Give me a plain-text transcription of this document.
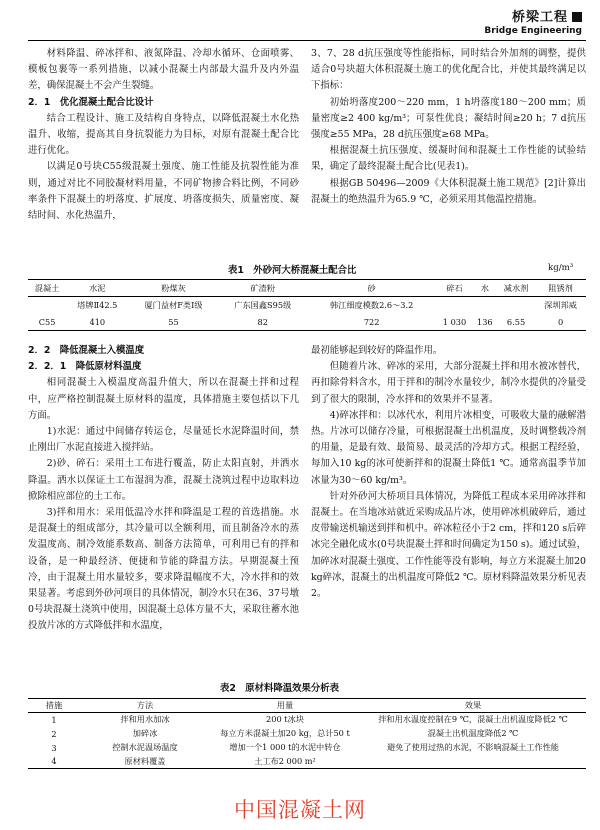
桥梁工程
Bridge Engineering

材料降温、碎冰拌和、液氮降温、冷却水循环、仓面喷雾、模板包裹等一系列措施，以减小混凝土内部最大温升及内外温差，确保混凝土不会产生裂缝。

2．1　优化混凝土配合比设计

结合工程设计、施工及结构自身特点，以降低混凝土水化热温升、收缩，提高其自身抗裂能力为目标，对原有混凝土配合比进行优化。

以满足0号块C55级混凝土强度、施工性能及抗裂性能为准则，通过对比不同胶凝材料用量，不同矿物掺合料比例，不同砂率条件下混凝土的坍落度、扩展度、坍落度损失、质量密度、凝结时间、水化热温升，

3、7、28 d抗压强度等性能指标，同时结合外加剂的调整，提供适合0号块超大体积混凝土施工的优化配合比，并使其最终满足以下指标：

初始坍落度200～220 mm，1 h坍落度180～200 mm；质量密度≥2 400 kg/m³；可泵性优良；凝结时间≥20 h；7 d抗压强度≥55 MPa，28 d抗压强度≥68 MPa。

根据混凝土抗压强度、缓凝时间和混凝土工作性能的试验结果，确定了最终混凝土配合比(见表1)。

根据GB 50496—2009《大体积混凝土施工规范》[2]计算出混凝土的绝热温升为65.9 ℃，必须采用其他温控措施。

表1　外砂河大桥混凝土配合比	kg/m³
混凝土	水泥	粉煤灰	矿渣粉	砂	碎石	水	减水剂	阻锈剂
	塔牌Ⅱ42.5	厦门益材F类Ⅰ级	广东国鑫S95级	韩江细度模数2.6～3.2				深圳邦威
C55	410	55	82	722	1 030	136	6.55	0

2．2　降低混凝土入模温度

2．2．1　降低原材料温度

相同混凝土入模温度高温升值大，所以在混凝土拌和过程中，应严格控制混凝土原材料的温度，具体措施主要包括以下几方面。

1)水泥：通过中间储存转运仓，尽量延长水泥降温时间，禁止刚出厂水泥直接进入搅拌站。

2)砂、碎石：采用土工布进行覆盖，防止太阳直射，并洒水降温。洒水以保证土工布湿润为准，混凝土浇筑过程中边取料边掀除相应部位的土工布。

3)拌和用水：采用低温冷水拌和降温是工程的首选措施。水是混凝土的组成部分，其冷量可以全额利用，而且制备冷水的蒸发温度高、制冷效能系数高、制备方法简单，可利用已有的拌和设备，是一种最经济、便捷和节能的降温方法。早期混凝土预冷，由于混凝土用水量较多，要求降温幅度不大，冷水拌和的效果显著。考虑到外砂河项目的具体情况，制冷水只在36、37号墩0号块混凝土浇筑中使用，因混凝土总体方量不大，采取往蓄水池投放片冰的方式降低拌和水温度，

最初能够起到较好的降温作用。

但随着片冰、碎冰的采用，大部分混凝土拌和用水被冰替代，再扣除骨料含水，用于拌和的制冷水量较少，制冷水提供的冷量受到了很大的限制，冷水拌和的效果并不显著。

4)碎冰拌和：以冰代水，利用片冰相变，可吸收大量的融解潜热。片冰可以储存冷量，可根据混凝土出机温度，及时调整载冷剂的用量，是最有效、最简易、最灵活的冷却方式。根据工程经验，每加入10 kg的冰可使新拌和的混凝土降低1 ℃。通常高温季节加冰量为30～60 kg/m³。

针对外砂河大桥项目具体情况，为降低工程成本采用碎冰拌和混凝土。在当地冰站就近采购成品片冰，使用碎冰机破碎后，通过皮带输送机输送到拌和机中。碎冰粒径小于2 cm，拌和120 s后碎冰完全融化成水(0号块混凝土拌和时间确定为150 s)。通过试验，加碎冰对混凝土强度、工作性能等没有影响，每立方米混凝土加20 kg碎冰，混凝土的出机温度可降低2 ℃。原材料降温效果分析见表2。

表2　原材料降温效果分析表
措施	方法	用量	效果
1	拌和用水加冰	200 t冰块	拌和用水温度控制在9 ℃，混凝土出机温度降低2 ℃
2	加碎冰	每立方米混凝土加20 kg，总计50 t	混凝土出机温度降低2 ℃
3	控制水泥温场温度	增加一个1 000 t的水泥中转仓	避免了使用过热的水泥，不影响混凝土工作性能
4	原材料覆盖	土工布2 000 m²	
中国混凝土网
